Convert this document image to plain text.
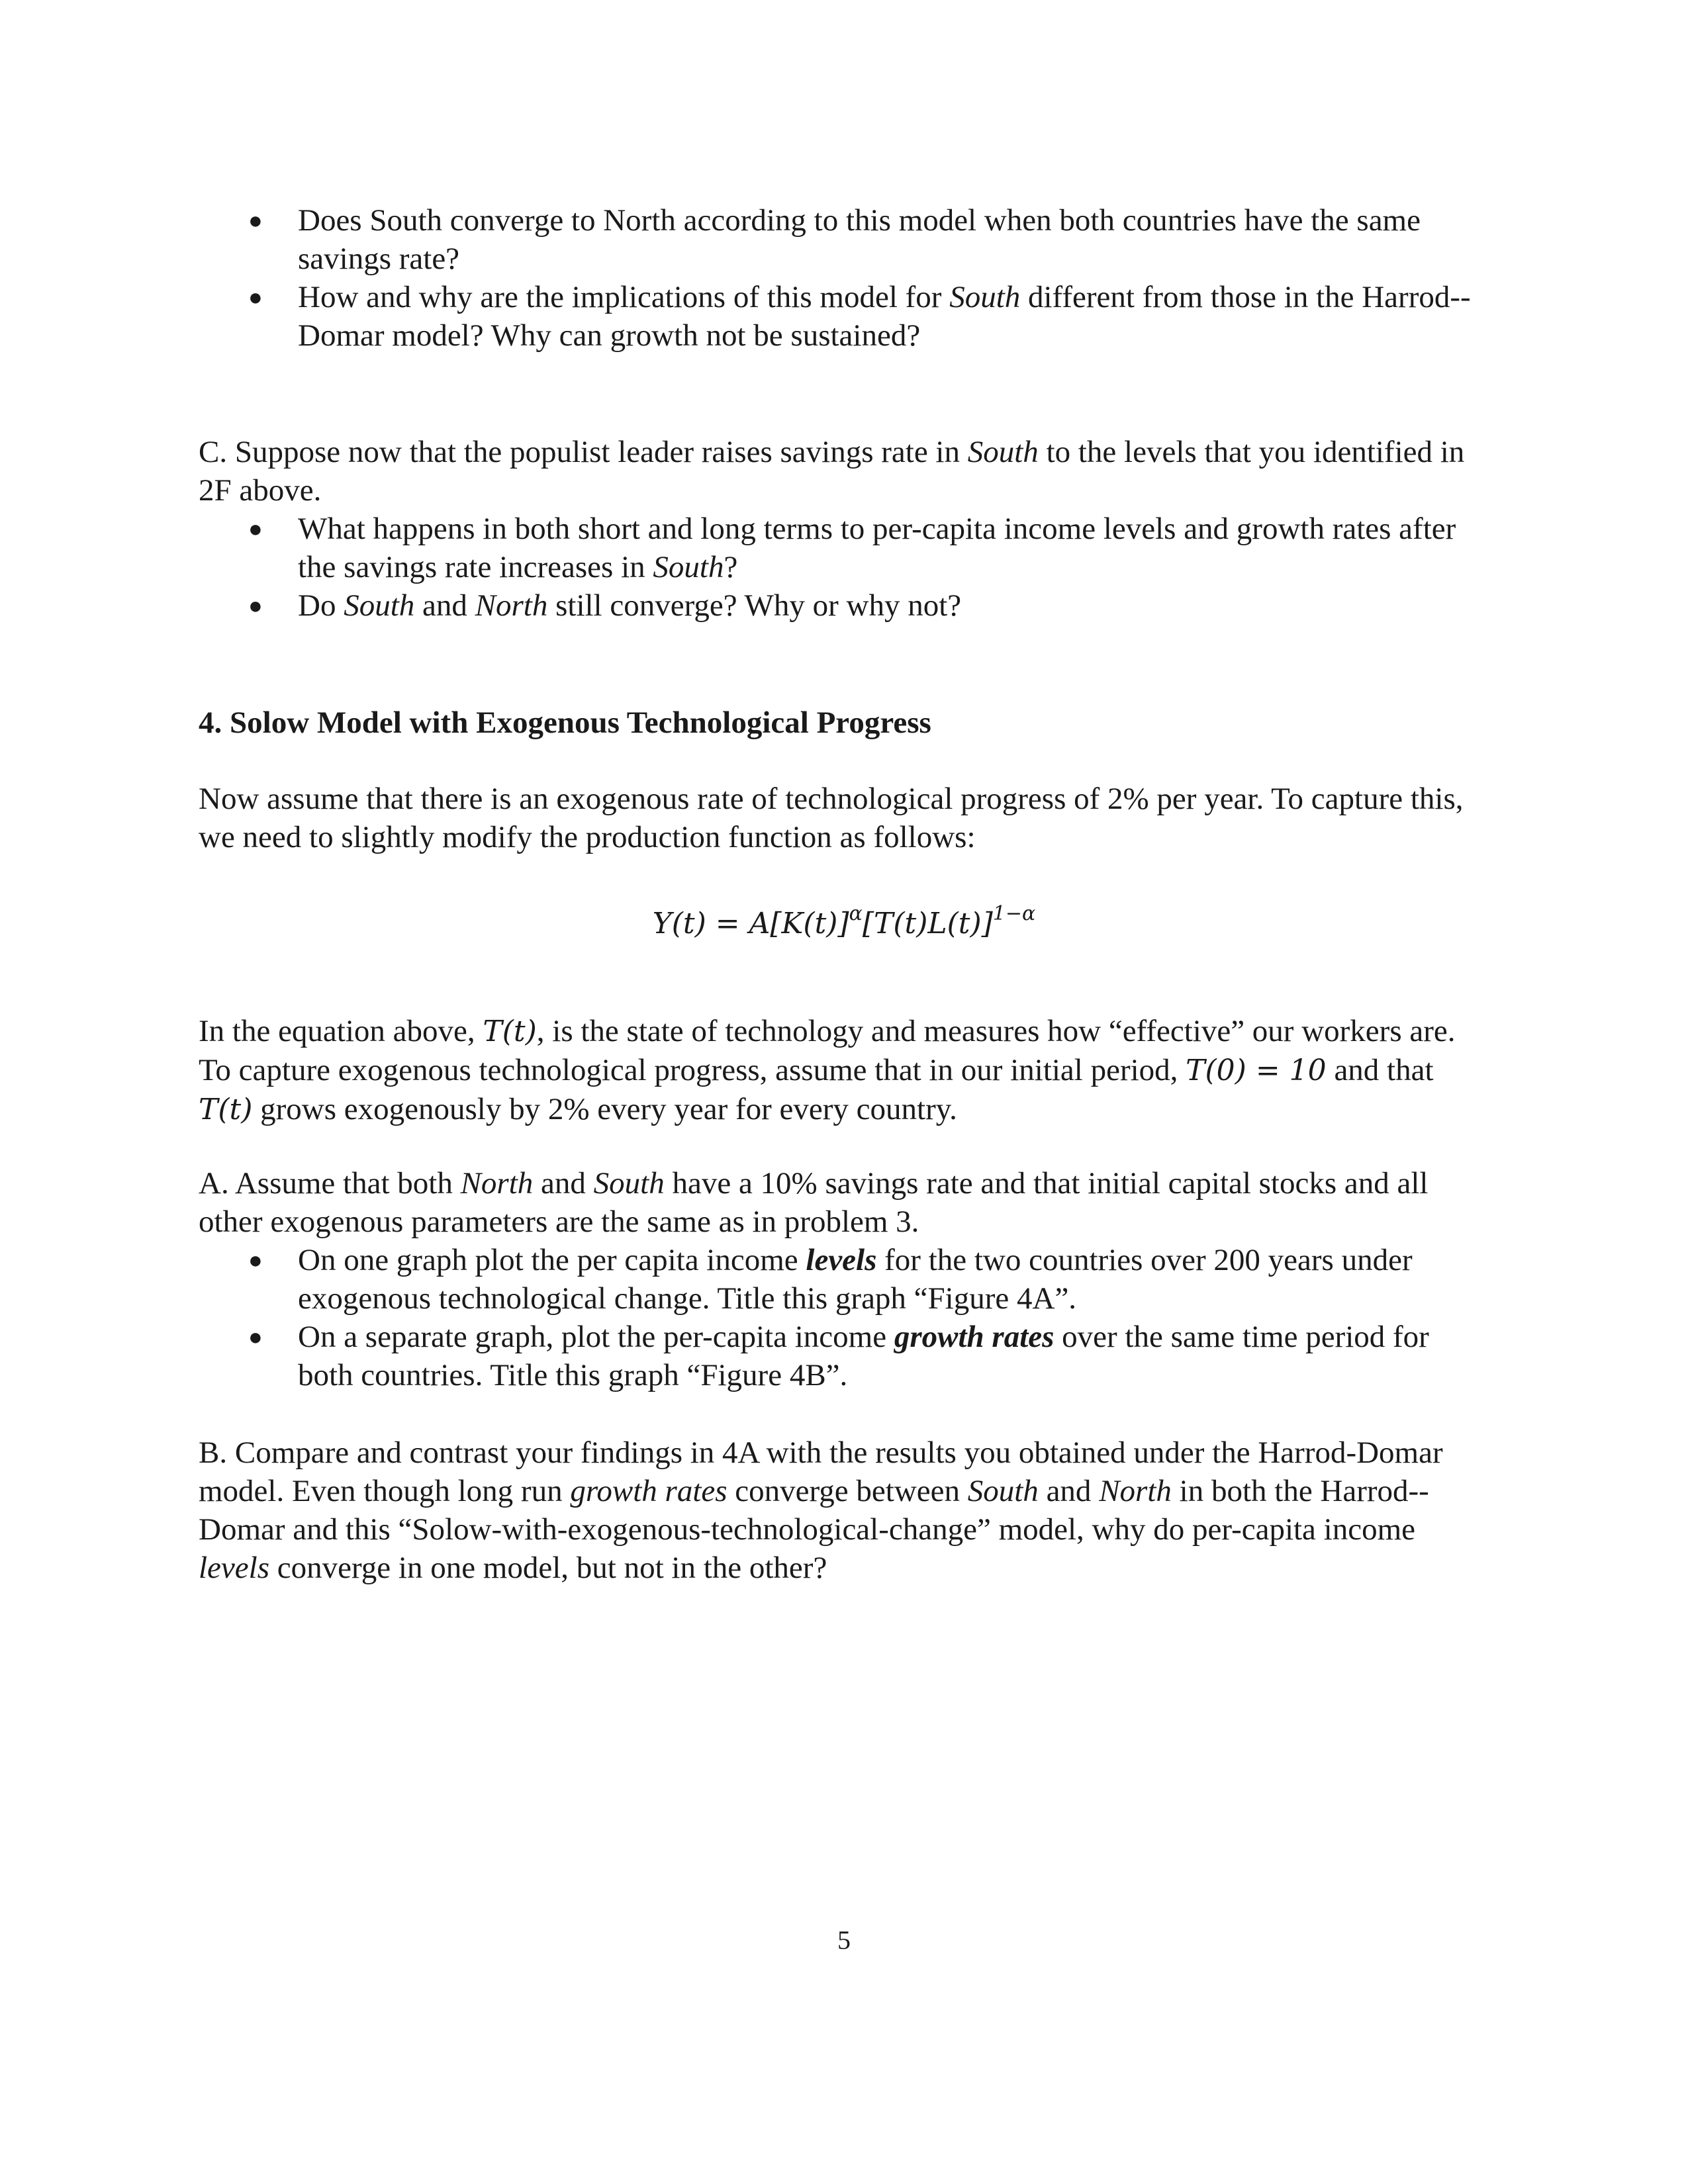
● Does South converge to North according to this model when both countries have the same savings rate?
● How and why are the implications of this model for South different from those in the Harrod--Domar model? Why can growth not be sustained?

C. Suppose now that the populist leader raises savings rate in South to the levels that you identified in 2F above.

● What happens in both short and long terms to per-capita income levels and growth rates after the savings rate increases in South?
● Do South and North still converge? Why or why not?

4. Solow Model with Exogenous Technological Progress

Now assume that there is an exogenous rate of technological progress of 2% per year. To capture this, we need to slightly modify the production function as follows:

$Y(t) = A[K(t)]^\alpha[T(t)L(t)]^{1-\alpha}$

In the equation above, T(t), is the state of technology and measures how “effective” our workers are. To capture exogenous technological progress, assume that in our initial period, T(0) = 10 and that T(t) grows exogenously by 2% every year for every country.

A. Assume that both North and South have a 10% savings rate and that initial capital stocks and all other exogenous parameters are the same as in problem 3.

● On one graph plot the per capita income levels for the two countries over 200 years under exogenous technological change. Title this graph “Figure 4A”.
● On a separate graph, plot the per-capita income growth rates over the same time period for both countries. Title this graph “Figure 4B”.

B. Compare and contrast your findings in 4A with the results you obtained under the Harrod-Domar model. Even though long run growth rates converge between South and North in both the Harrod--Domar and this “Solow-with-exogenous-technological-change” model, why do per-capita income levels converge in one model, but not in the other?

5
